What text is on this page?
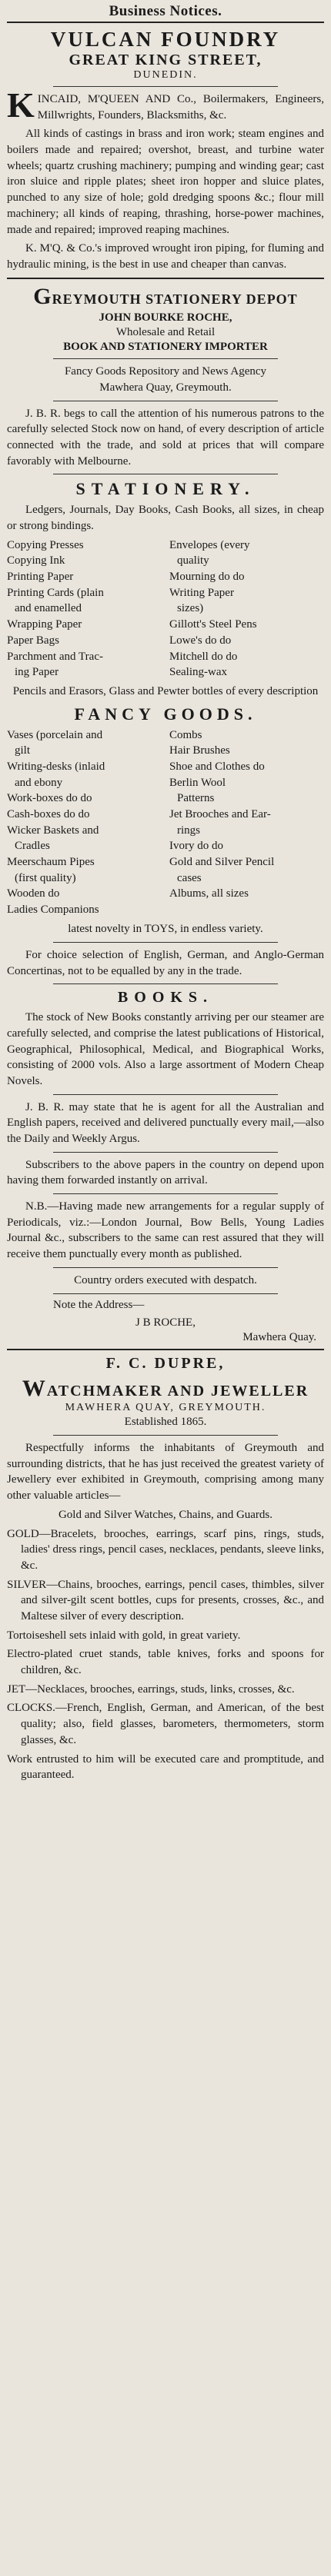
Business Notices.
VULCAN FOUNDRY
GREAT KING STREET,
DUNEDIN.

KINCAID, M'QUEEN AND Co., Boilermakers, Engineers, Millwrights, Founders, Blacksmiths, &c.

All kinds of castings in brass and iron work; steam engines and boilers made and repaired; overshot, breast, and turbine water wheels; quartz crushing machinery; pumping and winding gear; cast iron sluice and ripple plates; sheet iron hopper and sluice plates, punched to any size of hole; gold dredging spoons &c.; flour mill machinery; all kinds of reaping, thrashing, horse-power machines, made and repaired; improved reaping machines.

K. M'Q. & Co.'s improved wrought iron piping, for fluming and hydraulic mining, is the best in use and cheaper than canvas.

GREYMOUTH STATIONERY DEPOT
JOHN BOURKE ROCHE,
Wholesale and Retail
BOOK AND STATIONERY IMPORTER
Fancy Goods Repository and News Agency
Mawhera Quay, Greymouth.

J. B. R. begs to call the attention of his numerous patrons to the carefully selected Stock now on hand, of every description of article connected with the trade, and sold at prices that will compare favorably with Melbourne.

STATIONERY.

Ledgers, Journals, Day Books, Cash Books, all sizes, in cheap or strong bindings.

Copying Presses
Copying Ink
Printing Paper
Printing Cards (plain
and enamelled
Wrapping Paper
Paper Bags
Parchment and Trac-
ing Paper
Envelopes (every
quality
Mourning do do
Writing Paper
sizes)
Gillott's Steel Pens
Lowe's do do
Mitchell do do
Sealing-wax

Pencils and Erasors, Glass and Pewter bottles of every description

FANCY GOODS.
Vases (porcelain and
gilt
Writing-desks (inlaid
and ebony
Work-boxes do do
Cash-boxes do do
Wicker Baskets and
Cradles
Meerschaum Pipes
(first quality)
Wooden do
Ladies Companions
Combs
Hair Brushes
Shoe and Clothes do
Berlin Wool
Patterns
Jet Brooches and Ear-
rings
Ivory do do
Gold and Silver Pencil
cases
Albums, all sizes

latest novelty in TOYS, in endless variety.

For choice selection of English, German, and Anglo-German Concertinas, not to be equalled by any in the trade.

BOOKS.

The stock of New Books constantly arriving per our steamer are carefully selected, and comprise the latest publications of Historical, Geographical, Philosophical, Medical, and Biographical Works, consisting of 2000 vols. Also a large assortment of Modern Cheap Novels.

J. B. R. may state that he is agent for all the Australian and English papers, received and delivered punctually every mail,—also the Daily and Weekly Argus.

Subscribers to the above papers in the country on depend upon having them forwarded instantly on arrival.

N.B.—Having made new arrangements for a regular supply of Periodicals, viz.:—London Journal, Bow Bells, Young Ladies Journal &c., subscribers to the same can rest assured that they will receive them punctually every month as published.

Country orders executed with despatch.

Note the Address—
J B ROCHE,
Mawhera Quay.
F. C. DUPRE,
WATCHMAKER AND JEWELLER
MAWHERA QUAY, GREYMOUTH.
Established 1865.

Respectfully informs the inhabitants of Greymouth and surrounding districts, that he has just received the greatest variety of Jewellery ever exhibited in Greymouth, comprising among many other valuable articles—

Gold and Silver Watches, Chains, and Guards.

GOLD—Bracelets, brooches, earrings, scarf pins, rings, studs, ladies' dress rings, pencil cases, necklaces, pendants, sleeve links, &c.

SILVER—Chains, brooches, earrings, pencil cases, thimbles, silver and silver-gilt scent bottles, cups for presents, crosses, &c., and Maltese silver of every description.

Tortoiseshell sets inlaid with gold, in great variety.

Electro-plated cruet stands, table knives, forks and spoons for children, &c.

JET—Necklaces, brooches, earrings, studs, links, crosses, &c.

CLOCKS.—French, English, German, and American, of the best quality; also, field glasses, barometers, thermometers, storm glasses, &c.

Work entrusted to him will be executed care and promptitude, and guaranteed.
